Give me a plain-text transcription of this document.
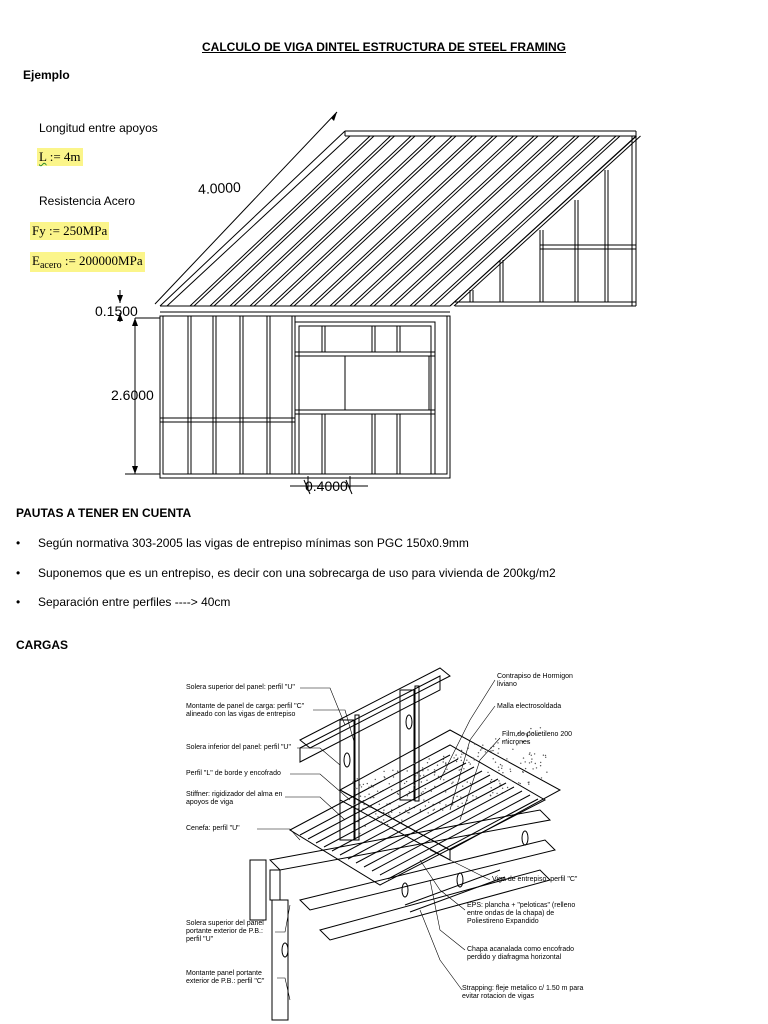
CALCULO DE VIGA DINTEL ESTRUCTURA DE STEEL FRAMING
Ejemplo
Longitud entre apoyos
L := 4m
Resistencia Acero
Fy := 250MPa
$E_{acero}$ := 200000MPa
4.0000
0.1500
2.6000
0.4000
PAUTAS A TENER EN CUENTA
• Según normativa 303-2005 las vigas de entrepiso mínimas son PGC 150x0.9mm
• Suponemos que es un entrepiso, es decir con una sobrecarga de uso para vivienda de 200kg/m2
• Separación entre perfiles ----> 40cm
CARGAS
Solera superior del panel: perfil "U"
Montante de panel de carga: perfil "C" alineado con las vigas de entrepiso
Solera inferior del panel: perfil "U"
Perfil "L" de borde y encofrado
Stiffner: rigidizador del alma en apoyos de viga
Cenefa: perfil "U"
Solera superior del panel portante exterior de P.B.: perfil "U"
Montante panel portante exterior de P.B.: perfil "C"
Contrapiso de Hormigon liviano
Malla electrosoldada
Film de polietileno 200 micrones
Viga de entrepiso: perfil "C"
EPS: plancha + "peloticas" (relleno entre ondas de la chapa) de Poliestireno Expandido
Chapa acanalada como encofrado perdido y diafragma horizontal
Strapping: fleje metalico c/ 1.50 m para evitar rotacion de vigas
